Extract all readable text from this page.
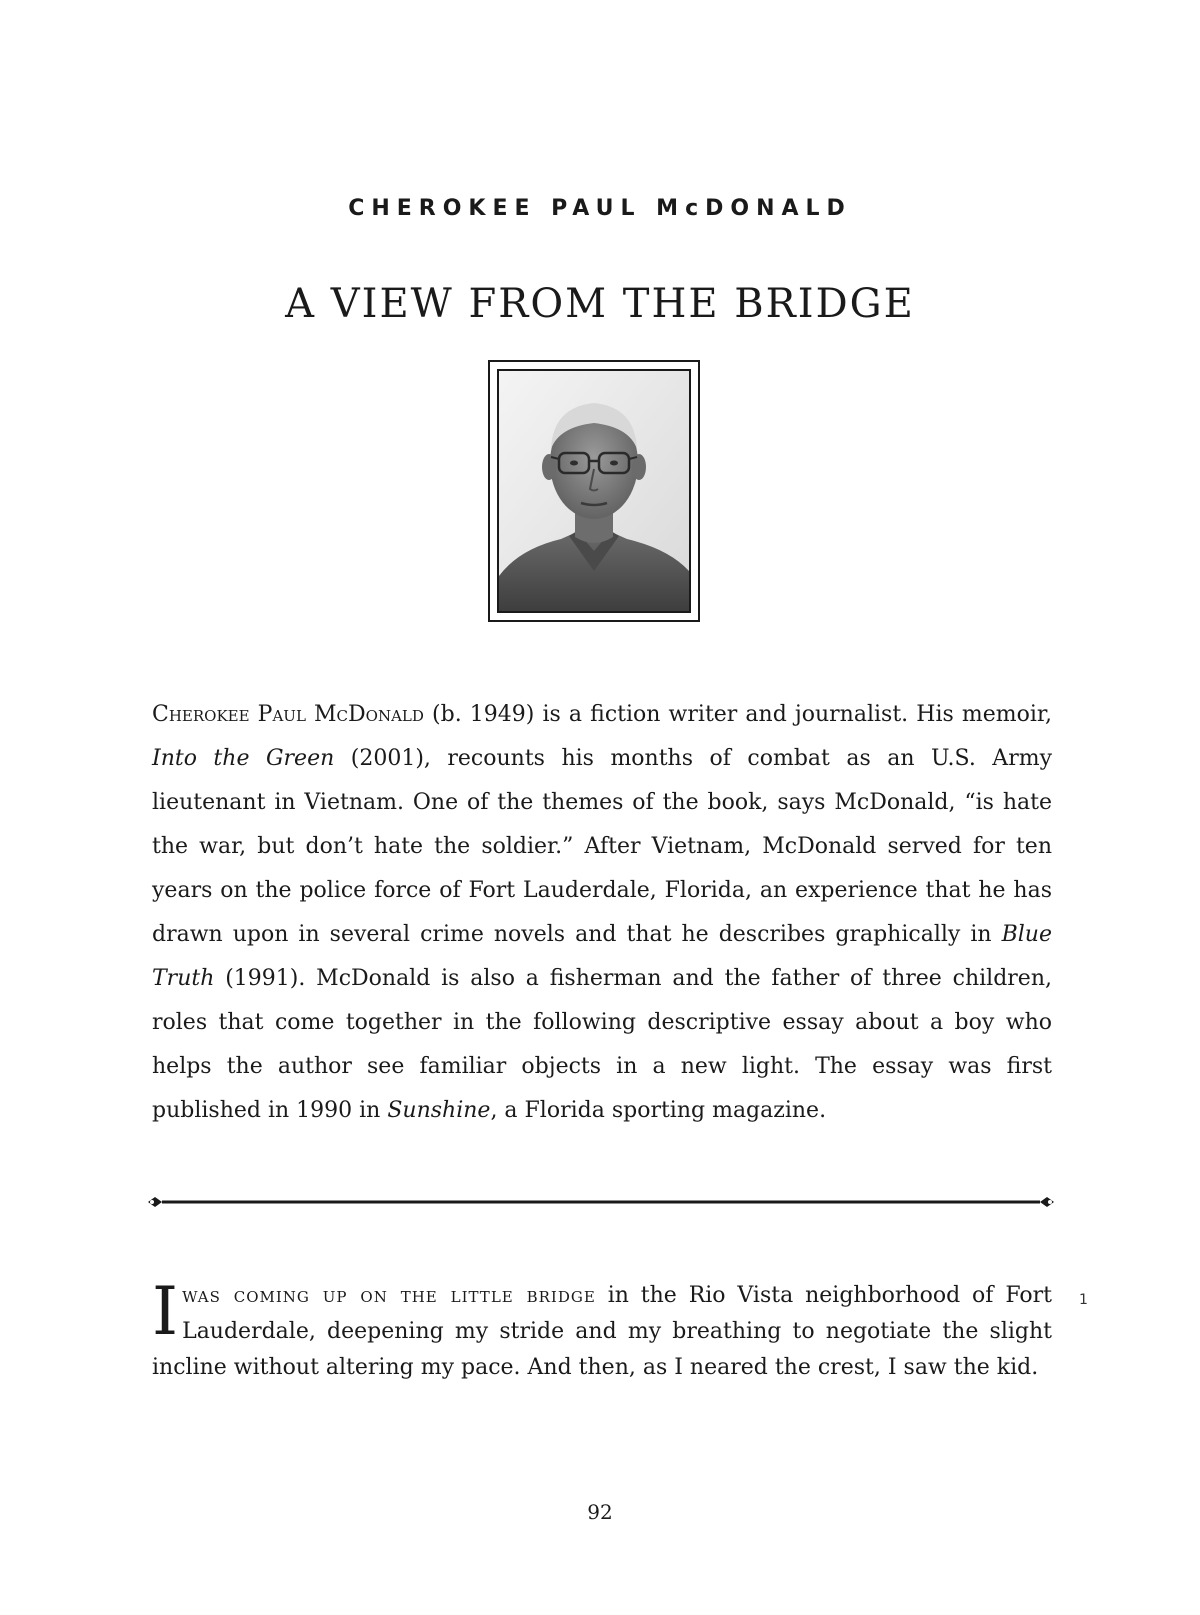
CHEROKEE PAUL McDONALD
A VIEW FROM THE BRIDGE

Cherokee Paul McDonald (b. 1949) is a fiction writer and journalist. His memoir, Into the Green (2001), recounts his months of combat as an U.S. Army lieutenant in Vietnam. One of the themes of the book, says McDonald, “is hate the war, but don’t hate the soldier.” After Vietnam, McDonald served for ten years on the police force of Fort Lauderdale, Florida, an experience that he has drawn upon in several crime novels and that he describes graphically in Blue Truth (1991). McDonald is also a fisherman and the father of three children, roles that come together in the following descriptive essay about a boy who helps the author see familiar objects in a new light. The essay was first published in 1990 in Sunshine, a Florida sporting magazine.

I was coming up on the little bridge in the Rio Vista neighborhood of Fort Lauderdale, deepening my stride and my breathing to negotiate the slight incline without altering my pace. And then, as I neared the crest, I saw the kid.

1
92
